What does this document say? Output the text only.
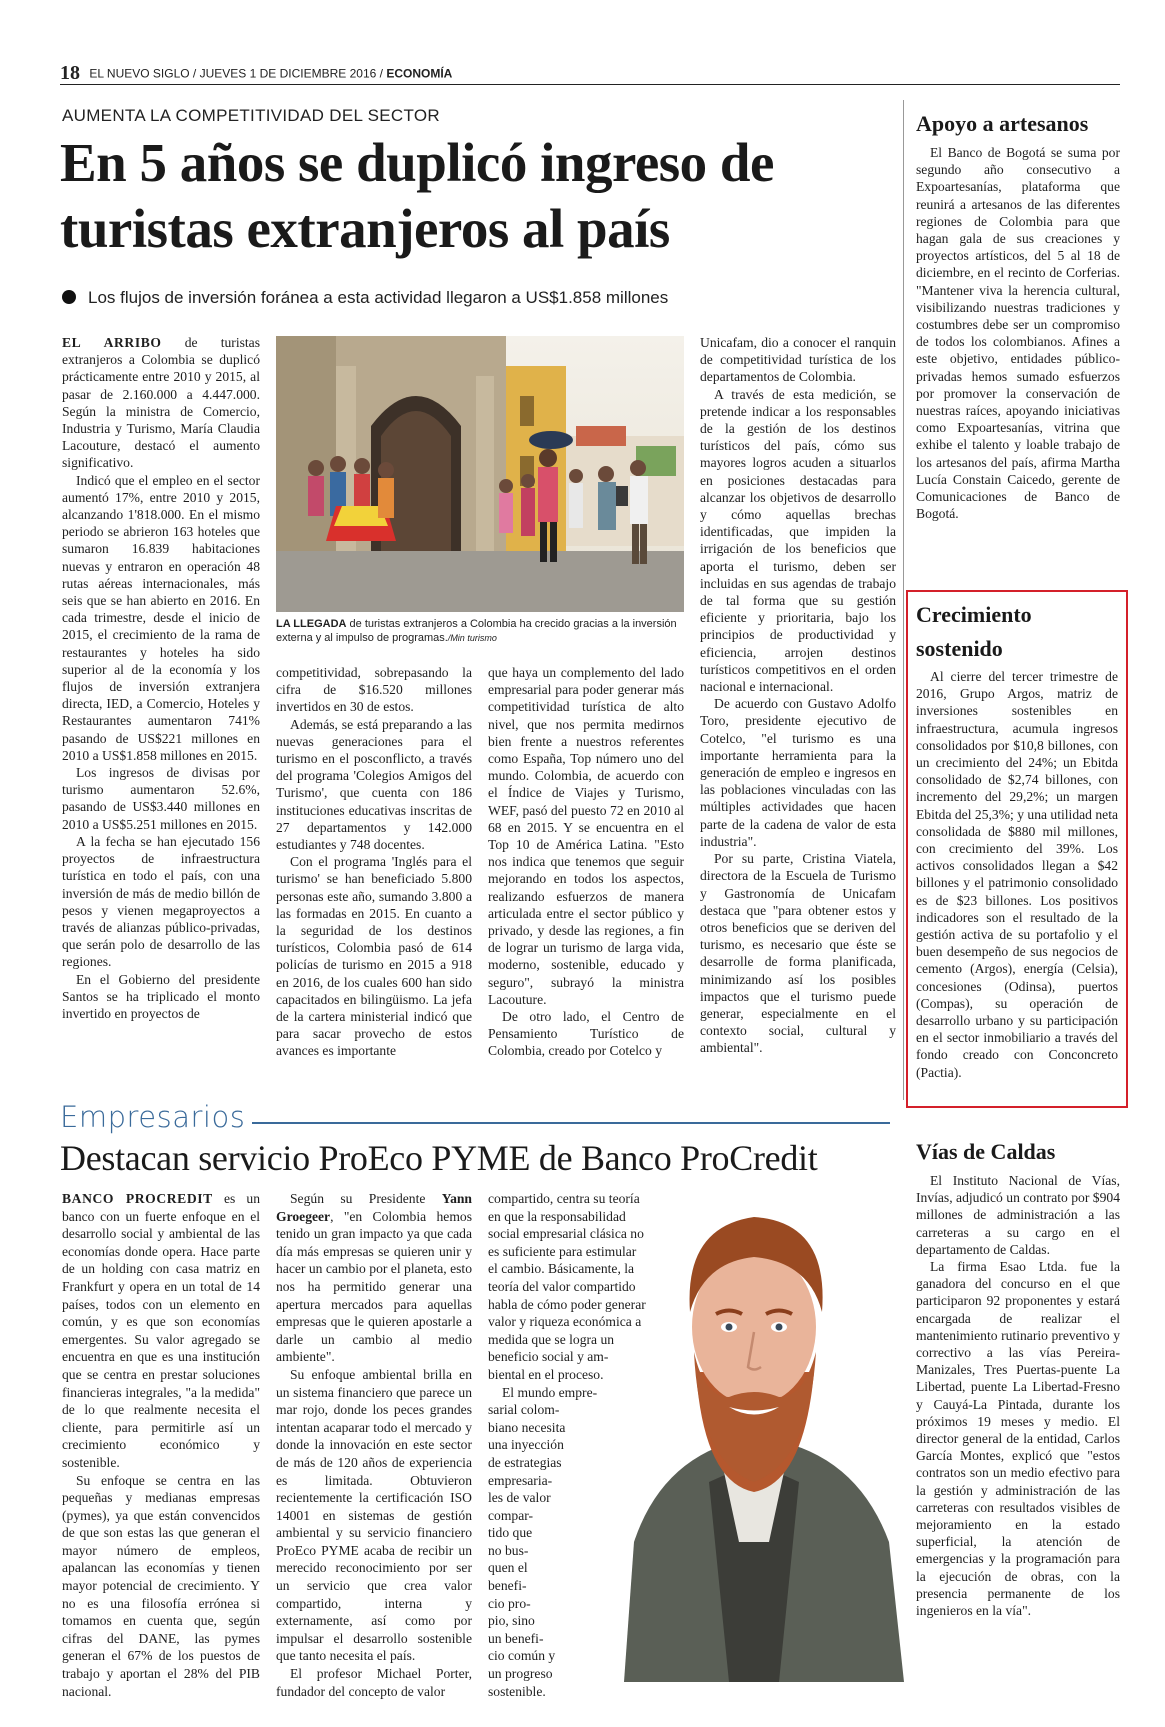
18 EL NUEVO SIGLO / JUEVES 1 DE DICIEMBRE 2016 / ECONOMÍA
AUMENTA LA COMPETITIVIDAD DEL SECTOR
En 5 años se duplicó ingreso de turistas extranjeros al país
Los flujos de inversión foránea a esta actividad llegaron a US$1.858 millones

EL ARRIBO de turistas extranjeros a Colombia se duplicó prácticamente entre 2010 y 2015, al pasar de 2.160.000 a 4.447.000. Según la ministra de Comercio, Industria y Turismo, María Claudia Lacouture, destacó el aumento significativo.

Indicó que el empleo en el sector aumentó 17%, entre 2010 y 2015, alcanzando 1'818.000. En el mismo periodo se abrieron 163 hoteles que sumaron 16.839 habitaciones nuevas y entraron en operación 48 rutas aéreas internacionales, más seis que se han abierto en 2016. En cada trimestre, desde el inicio de 2015, el crecimiento de la rama de restaurantes y hoteles ha sido superior al de la economía y los flujos de inversión extranjera directa, IED, a Comercio, Hoteles y Restaurantes aumentaron 741% pasando de US$221 millones en 2010 a US$1.858 millones en 2015.

Los ingresos de divisas por turismo aumentaron 52.6%, pasando de US$3.440 millones en 2010 a US$5.251 millones en 2015.

A la fecha se han ejecutado 156 proyectos de infraestructura turística en todo el país, con una inversión de más de medio billón de pesos y vienen megaproyectos a través de alianzas público-privadas, que serán polo de desarrollo de las regiones.

En el Gobierno del presidente Santos se ha triplicado el monto invertido en proyectos de

LA LLEGADA de turistas extranjeros a Colombia ha crecido gracias a la inversión externa y al impulso de programas./Min turismo

competitividad, sobrepasando la cifra de $16.520 millones invertidos en 30 de estos.

Además, se está preparando a las nuevas generaciones para el turismo en el posconflicto, a través del programa 'Colegios Amigos del Turismo', que cuenta con 186 instituciones educativas inscritas de 27 departamentos y 142.000 estudiantes y 748 docentes.

Con el programa 'Inglés para el turismo' se han beneficiado 5.800 personas este año, sumando 3.800 a las formadas en 2015. En cuanto a la seguridad de los destinos turísticos, Colombia pasó de 614 policías de turismo en 2015 a 918 en 2016, de los cuales 600 han sido capacitados en bilingüismo. La jefa de la cartera ministerial indicó que para sacar provecho de estos avances es importante

que haya un complemento del lado empresarial para poder generar más competitividad turística de alto nivel, que nos permita medirnos bien frente a nuestros referentes como España, Top número uno del mundo. Colombia, de acuerdo con el Índice de Viajes y Turismo, WEF, pasó del puesto 72 en 2010 al 68 en 2015. Y se encuentra en el Top 10 de América Latina. "Esto nos indica que tenemos que seguir mejorando en todos los aspectos, realizando esfuerzos de manera articulada entre el sector público y privado, y desde las regiones, a fin de lograr un turismo de larga vida, moderno, sostenible, educado y seguro", subrayó la ministra Lacouture.

De otro lado, el Centro de Pensamiento Turístico de Colombia, creado por Cotelco y

Unicafam, dio a conocer el ranquin de competitividad turística de los departamentos de Colombia.

A través de esta medición, se pretende indicar a los responsables de la gestión de los destinos turísticos del país, cómo sus mayores logros acuden a situarlos en posiciones destacadas para alcanzar los objetivos de desarrollo y cómo aquellas brechas identificadas, que impiden la irrigación de los beneficios que aporta el turismo, deben ser incluidas en sus agendas de trabajo de tal forma que su gestión eficiente y prioritaria, bajo los principios de productividad y eficiencia, arrojen destinos turísticos competitivos en el orden nacional e internacional.

De acuerdo con Gustavo Adolfo Toro, presidente ejecutivo de Cotelco, "el turismo es una importante herramienta para la generación de empleo e ingresos en las poblaciones vinculadas con las múltiples actividades que hacen parte de la cadena de valor de esta industria".

Por su parte, Cristina Viatela, directora de la Escuela de Turismo y Gastronomía de Unicafam destaca que "para obtener estos y otros beneficios que se deriven del turismo, es necesario que éste se desarrolle de forma planificada, minimizando así los posibles impactos que el turismo puede generar, especialmente en el contexto social, cultural y ambiental".

Apoyo a artesanos

El Banco de Bogotá se suma por segundo año consecutivo a Expoartesanías, plataforma que reunirá a artesanos de las diferentes regiones de Colombia para que hagan gala de sus creaciones y proyectos artísticos, del 5 al 18 de diciembre, en el recinto de Corferias. "Mantener viva la herencia cultural, visibilizando nuestras tradiciones y costumbres debe ser un compromiso de todos los colombianos. Afines a este objetivo, entidades público-privadas hemos sumado esfuerzos por promover la conservación de nuestras raíces, apoyando iniciativas como Expoartesanías, vitrina que exhibe el talento y loable trabajo de los artesanos del país, afirma Martha Lucía Constain Caicedo, gerente de Comunicaciones de Banco de Bogotá.

Crecimiento sostenido

Al cierre del tercer trimestre de 2016, Grupo Argos, matriz de inversiones sostenibles en infraestructura, acumula ingresos consolidados por $10,8 billones, con un crecimiento del 24%; un Ebitda consolidado de $2,74 billones, con incremento del 29,2%; un margen Ebitda del 25,3%; y una utilidad neta consolidada de $880 mil millones, con crecimiento del 39%. Los activos consolidados llegan a $42 billones y el patrimonio consolidado es de $23 billones. Los positivos indicadores son el resultado de la gestión activa de su portafolio y el buen desempeño de sus negocios de cemento (Argos), energía (Celsia), concesiones (Odinsa), puertos (Compas), su operación de desarrollo urbano y su participación en el sector inmobiliario a través del fondo creado con Conconcreto (Pactia).

Vías de Caldas

El Instituto Nacional de Vías, Invías, adjudicó un contrato por $904 millones de administración a las carreteras a su cargo en el departamento de Caldas.

La firma Esao Ltda. fue la ganadora del concurso en el que participaron 92 proponentes y estará encargada de realizar el mantenimiento rutinario preventivo y correctivo a las vías Pereira-Manizales, Tres Puertas-puente La Libertad, puente La Libertad-Fresno y Cauyá-La Pintada, durante los próximos 19 meses y medio. El director general de la entidad, Carlos García Montes, explicó que "estos contratos son un medio efectivo para la gestión y administración de las carreteras con resultados visibles de mejoramiento en la estado superficial, la atención de emergencias y la programación para la ejecución de obras, con la presencia permanente de los ingenieros en la vía".

Empresarios
Destacan servicio ProEco PYME de Banco ProCredit

BANCO PROCREDIT es un banco con un fuerte enfoque en el desarrollo social y ambiental de las economías donde opera. Hace parte de un holding con casa matriz en Frankfurt y opera en un total de 14 países, todos con un elemento en común, y es que son economías emergentes. Su valor agregado se encuentra en que es una institución que se centra en prestar soluciones financieras integrales, "a la medida" de lo que realmente necesita el cliente, para permitirle así un crecimiento económico y sostenible.

Su enfoque se centra en las pequeñas y medianas empresas (pymes), ya que están convencidos de que son estas las que generan el mayor número de empleos, apalancan las economías y tienen mayor potencial de crecimiento. Y no es una filosofía errónea si tomamos en cuenta que, según cifras del DANE, las pymes generan el 67% de los puestos de trabajo y aportan el 28% del PIB nacional.

Según su Presidente Yann Groegeer, "en Colombia hemos tenido un gran impacto ya que cada día más empresas se quieren unir y hacer un cambio por el planeta, esto nos ha permitido generar una apertura mercados para aquellas empresas que le quieren apostarle a darle un cambio al medio ambiente".

Su enfoque ambiental brilla en un sistema financiero que parece un mar rojo, donde los peces grandes intentan acaparar todo el mercado y donde la innovación en este sector de más de 120 años de experiencia es limitada. Obtuvieron recientemente la certificación ISO 14001 en sistemas de gestión ambiental y su servicio financiero ProEco PYME acaba de recibir un merecido reconocimiento por ser un servicio que crea valor compartido, interna y externamente, así como por impulsar el desarrollo sostenible que tanto necesita el país.

El profesor Michael Porter, fundador del concepto de valor

compartido, centra su teoría
en que la responsabilidad
social empresarial clásica no
es suficiente para estimular
el cambio. Básicamente, la
teoría del valor compartido
habla de cómo poder generar
valor y riqueza económica a
medida que se logra un
beneficio social y am-
biental en el proceso.
El mundo empre-
sarial colom-
biano necesita
una inyección
de estrategias
empresaria-
les de valor
compar-
tido que
no bus-
quen el
benefi-
cio pro-
pio, sino
un benefi-
cio común y
un progreso
sostenible.
